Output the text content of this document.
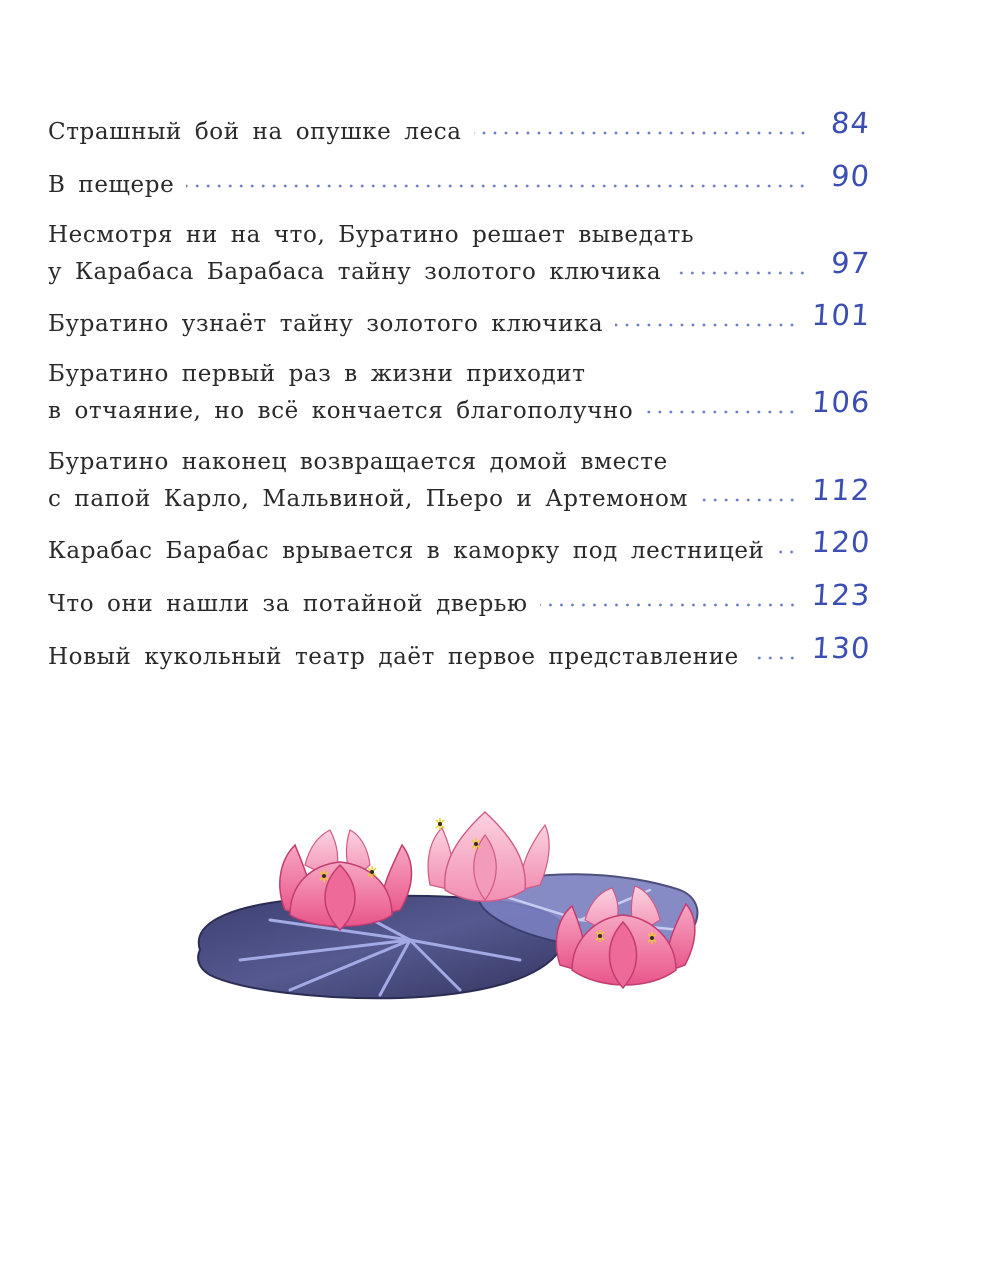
Страшный бой на опушке леса	84
В пещере	90
Несмотря ни на что, Буратино решает выведать
у Карабаса Барабаса тайну золотого ключика	97
Буратино узнаёт тайну золотого ключика	101
Буратино первый раз в жизни приходит
в отчаяние, но всё кончается благополучно	106
Буратино наконец возвращается домой вместе
с папой Карло, Мальвиной, Пьеро и Артемоном	112
Карабас Барабас врывается в каморку под лестницей 120
Что они нашли за потайной дверью	123
Новый кукольный театр даёт первое представление 130
